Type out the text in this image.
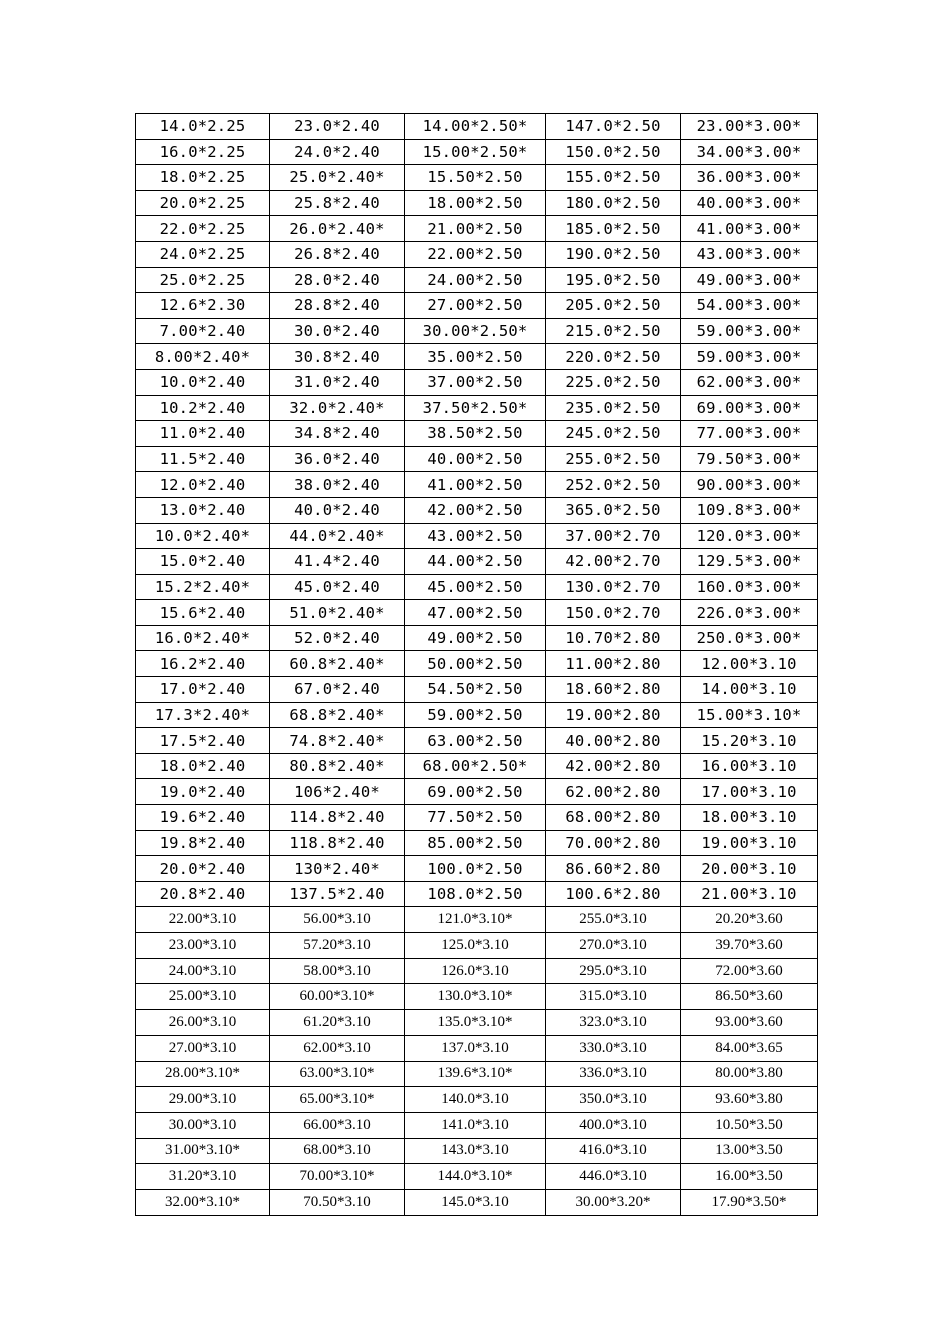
14.0*2.25	23.0*2.40	14.00*2.50*	147.0*2.50	23.00*3.00*
16.0*2.25	24.0*2.40	15.00*2.50*	150.0*2.50	34.00*3.00*
18.0*2.25	25.0*2.40*	15.50*2.50	155.0*2.50	36.00*3.00*
20.0*2.25	25.8*2.40	18.00*2.50	180.0*2.50	40.00*3.00*
22.0*2.25	26.0*2.40*	21.00*2.50	185.0*2.50	41.00*3.00*
24.0*2.25	26.8*2.40	22.00*2.50	190.0*2.50	43.00*3.00*
25.0*2.25	28.0*2.40	24.00*2.50	195.0*2.50	49.00*3.00*
12.6*2.30	28.8*2.40	27.00*2.50	205.0*2.50	54.00*3.00*
7.00*2.40	30.0*2.40	30.00*2.50*	215.0*2.50	59.00*3.00*
8.00*2.40*	30.8*2.40	35.00*2.50	220.0*2.50	59.00*3.00*
10.0*2.40	31.0*2.40	37.00*2.50	225.0*2.50	62.00*3.00*
10.2*2.40	32.0*2.40*	37.50*2.50*	235.0*2.50	69.00*3.00*
11.0*2.40	34.8*2.40	38.50*2.50	245.0*2.50	77.00*3.00*
11.5*2.40	36.0*2.40	40.00*2.50	255.0*2.50	79.50*3.00*
12.0*2.40	38.0*2.40	41.00*2.50	252.0*2.50	90.00*3.00*
13.0*2.40	40.0*2.40	42.00*2.50	365.0*2.50	109.8*3.00*
10.0*2.40*	44.0*2.40*	43.00*2.50	37.00*2.70	120.0*3.00*
15.0*2.40	41.4*2.40	44.00*2.50	42.00*2.70	129.5*3.00*
15.2*2.40*	45.0*2.40	45.00*2.50	130.0*2.70	160.0*3.00*
15.6*2.40	51.0*2.40*	47.00*2.50	150.0*2.70	226.0*3.00*
16.0*2.40*	52.0*2.40	49.00*2.50	10.70*2.80	250.0*3.00*
16.2*2.40	60.8*2.40*	50.00*2.50	11.00*2.80	12.00*3.10
17.0*2.40	67.0*2.40	54.50*2.50	18.60*2.80	14.00*3.10
17.3*2.40*	68.8*2.40*	59.00*2.50	19.00*2.80	15.00*3.10*
17.5*2.40	74.8*2.40*	63.00*2.50	40.00*2.80	15.20*3.10
18.0*2.40	80.8*2.40*	68.00*2.50*	42.00*2.80	16.00*3.10
19.0*2.40	106*2.40*	69.00*2.50	62.00*2.80	17.00*3.10
19.6*2.40	114.8*2.40	77.50*2.50	68.00*2.80	18.00*3.10
19.8*2.40	118.8*2.40	85.00*2.50	70.00*2.80	19.00*3.10
20.0*2.40	130*2.40*	100.0*2.50	86.60*2.80	20.00*3.10
20.8*2.40	137.5*2.40	108.0*2.50	100.6*2.80	21.00*3.10
22.00*3.10	56.00*3.10	121.0*3.10*	255.0*3.10	20.20*3.60
23.00*3.10	57.20*3.10	125.0*3.10	270.0*3.10	39.70*3.60
24.00*3.10	58.00*3.10	126.0*3.10	295.0*3.10	72.00*3.60
25.00*3.10	60.00*3.10*	130.0*3.10*	315.0*3.10	86.50*3.60
26.00*3.10	61.20*3.10	135.0*3.10*	323.0*3.10	93.00*3.60
27.00*3.10	62.00*3.10	137.0*3.10	330.0*3.10	84.00*3.65
28.00*3.10*	63.00*3.10*	139.6*3.10*	336.0*3.10	80.00*3.80
29.00*3.10	65.00*3.10*	140.0*3.10	350.0*3.10	93.60*3.80
30.00*3.10	66.00*3.10	141.0*3.10	400.0*3.10	10.50*3.50
31.00*3.10*	68.00*3.10	143.0*3.10	416.0*3.10	13.00*3.50
31.20*3.10	70.00*3.10*	144.0*3.10*	446.0*3.10	16.00*3.50
32.00*3.10*	70.50*3.10	145.0*3.10	30.00*3.20*	17.90*3.50*
